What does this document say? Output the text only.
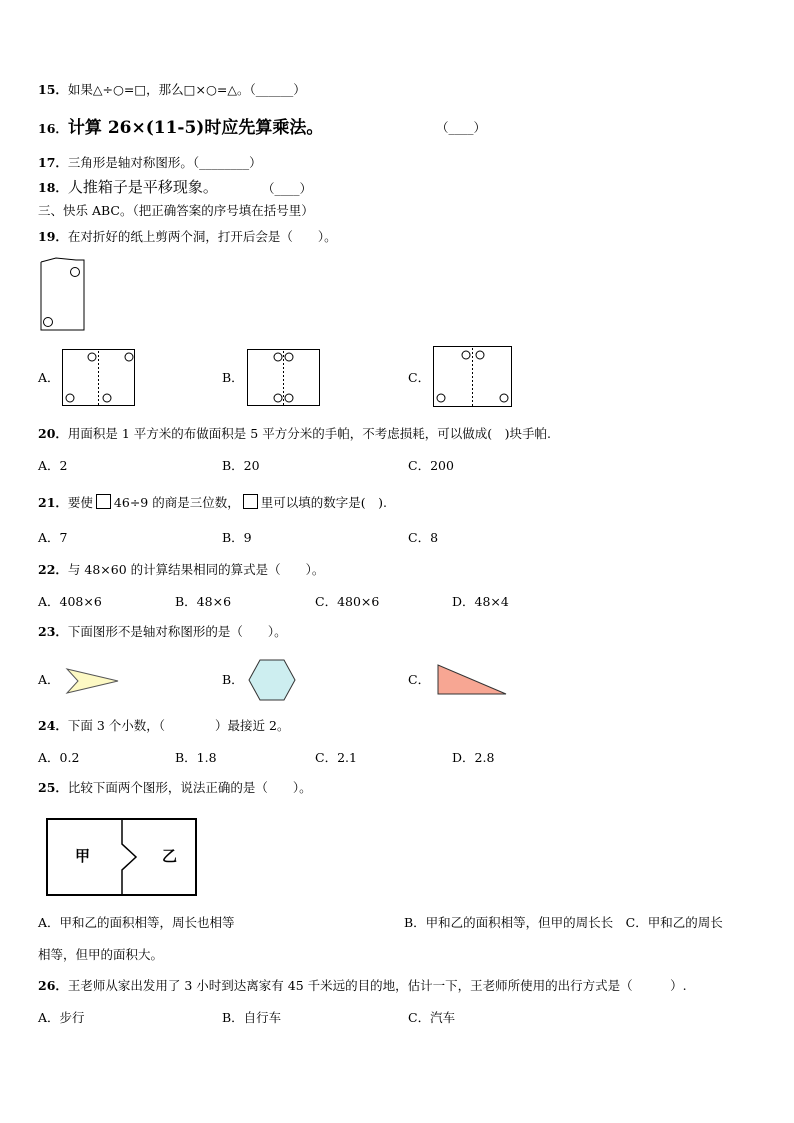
15．如果△÷○=□，那么□×○=△。（______）
16．计算 26×(11-5)时应先算乘法。	（____）
17．三角形是轴对称图形。（________）
18．人推箱子是平移现象。	（____）
三、快乐 ABC。（把正确答案的序号填在括号里）
19．在对折好的纸上剪两个洞，打开后会是（　　）。
A．	B．	C．
20．用面积是 1 平方米的布做面积是 5 平方分米的手帕，不考虑损耗，可以做成(　)块手帕.
A．2	B．20	C．200
21．要使 46÷9 的商是三位数， 里可以填的数字是(　).
A．7	B．9	C．8
22．与 48×60 的计算结果相同的算式是（　　）。
A．408×6	B．48×6	C．480×6	D．48×4
23．下面图形不是轴对称图形的是（　　）。
A．	B．	C．
24．下面 3 个小数，（　　　　）最接近 2。
A．0.2	B．1.8	C．2.1	D．2.8
25．比较下面两个图形，说法正确的是（　　）。
甲	乙
A．甲和乙的面积相等，周长也相等	B．甲和乙的面积相等，但甲的周长长　C．甲和乙的周长
相等，但甲的面积大。
26．王老师从家出发用了 3 小时到达离家有 45 千米远的目的地，估计一下，王老师所使用的出行方式是（　　　）.
A．步行	B．自行车	C．汽车
